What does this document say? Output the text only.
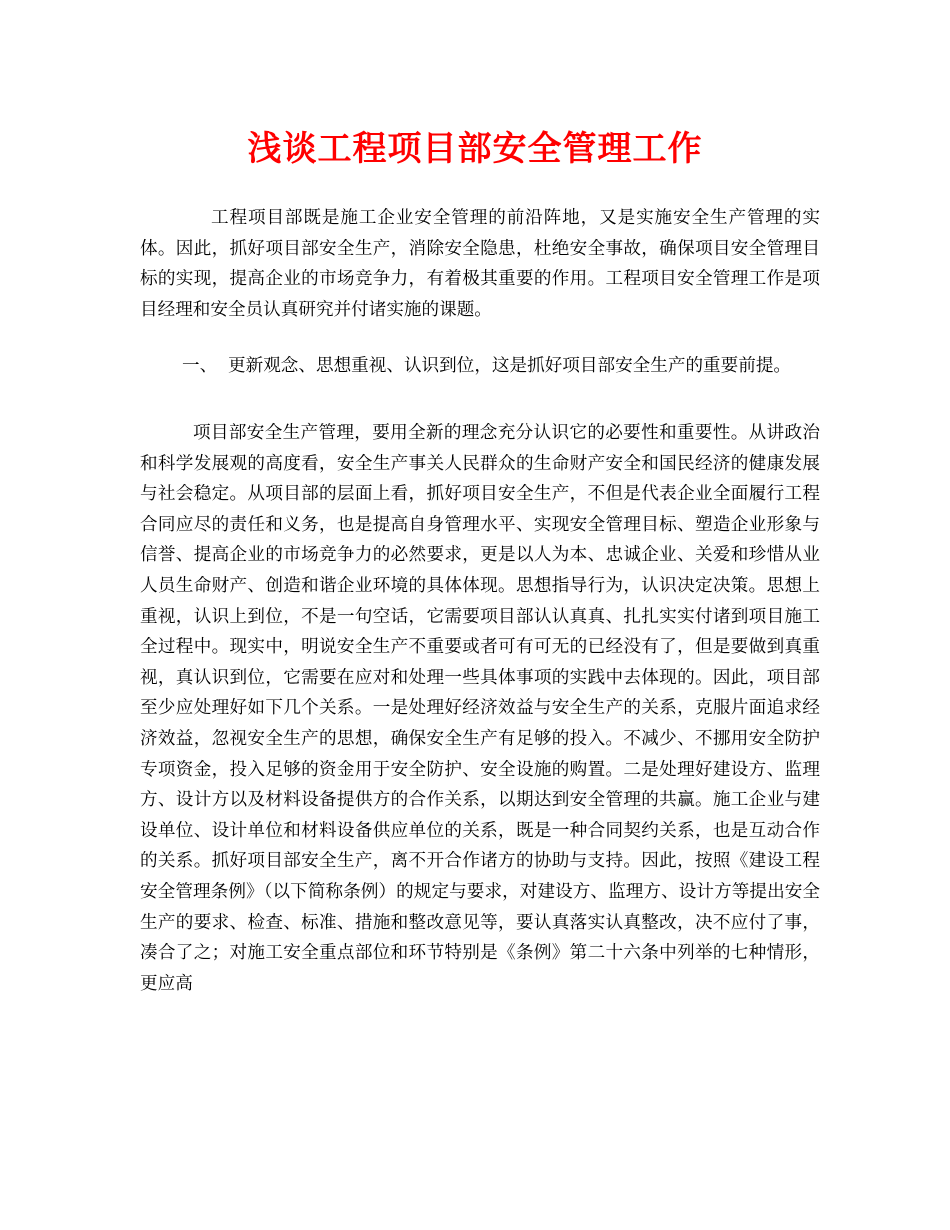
浅谈工程项目部安全管理工作

工程项目部既是施工企业安全管理的前沿阵地，又是实施安全生产管理的实体。因此，抓好项目部安全生产，消除安全隐患，杜绝安全事故，确保项目安全管理目标的实现，提高企业的市场竞争力，有着极其重要的作用。工程项目安全管理工作是项目经理和安全员认真研究并付诸实施的课题。

一、 更新观念、思想重视、认识到位，这是抓好项目部安全生产的重要前提。

项目部安全生产管理，要用全新的理念充分认识它的必要性和重要性。从讲政治和科学发展观的高度看，安全生产事关人民群众的生命财产安全和国民经济的健康发展与社会稳定。从项目部的层面上看，抓好项目安全生产，不但是代表企业全面履行工程合同应尽的责任和义务，也是提高自身管理水平、实现安全管理目标、塑造企业形象与信誉、提高企业的市场竞争力的必然要求，更是以人为本、忠诚企业、关爱和珍惜从业人员生命财产、创造和谐企业环境的具体体现。思想指导行为，认识决定决策。思想上重视，认识上到位，不是一句空话，它需要项目部认认真真、扎扎实实付诸到项目施工全过程中。现实中，明说安全生产不重要或者可有可无的已经没有了，但是要做到真重视，真认识到位，它需要在应对和处理一些具体事项的实践中去体现的。因此，项目部至少应处理好如下几个关系。一是处理好经济效益与安全生产的关系，克服片面追求经济效益，忽视安全生产的思想，确保安全生产有足够的投入。不减少、不挪用安全防护专项资金，投入足够的资金用于安全防护、安全设施的购置。二是处理好建设方、监理方、设计方以及材料设备提供方的合作关系，以期达到安全管理的共赢。施工企业与建设单位、设计单位和材料设备供应单位的关系，既是一种合同契约关系，也是互动合作的关系。抓好项目部安全生产，离不开合作诸方的协助与支持。因此，按照《建设工程安全管理条例》（以下简称条例）的规定与要求，对建设方、监理方、设计方等提出安全生产的要求、检查、标准、措施和整改意见等，要认真落实认真整改，决不应付了事，凑合了之；对施工安全重点部位和环节特别是《条例》第二十六条中列举的七种情形，更应高
